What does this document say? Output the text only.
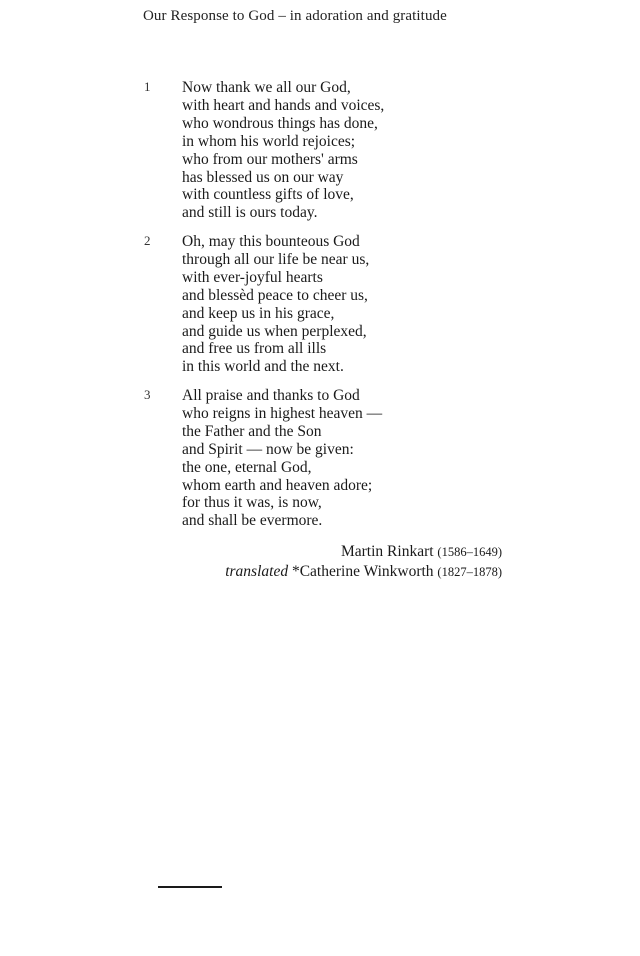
Our Response to God – in adoration and gratitude
1 Now thank we all our God,
with heart and hands and voices,
who wondrous things has done,
in whom his world rejoices;
who from our mothers' arms
has blessed us on our way
with countless gifts of love,
and still is ours today.
2 Oh, may this bounteous God
through all our life be near us,
with ever-joyful hearts
and blessèd peace to cheer us,
and keep us in his grace,
and guide us when perplexed,
and free us from all ills
in this world and the next.
3 All praise and thanks to God
who reigns in highest heaven —
the Father and the Son
and Spirit — now be given:
the one, eternal God,
whom earth and heaven adore;
for thus it was, is now,
and shall be evermore.
Martin Rinkart (1586–1649)
translated *Catherine Winkworth (1827–1878)
